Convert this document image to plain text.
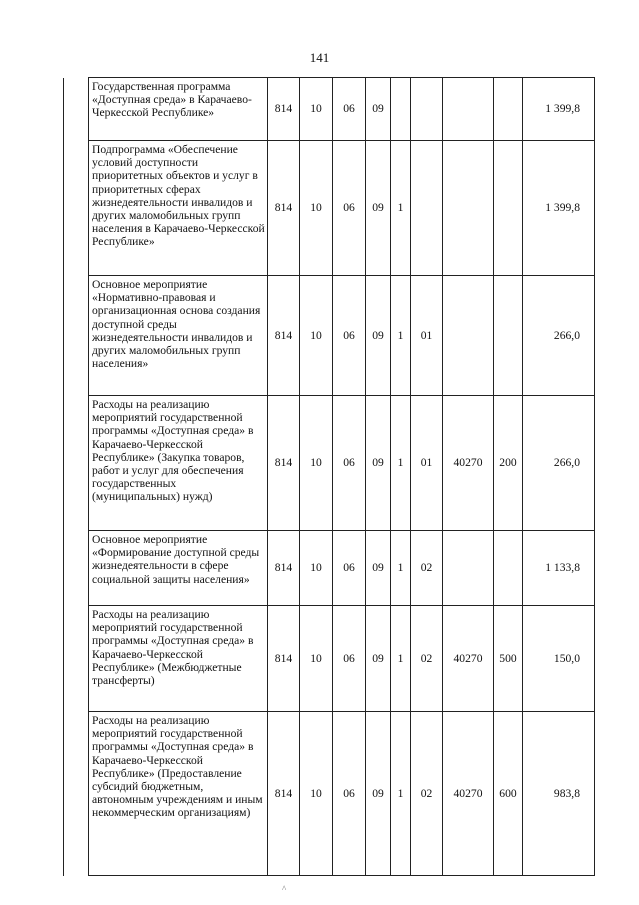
141
	Государственная программа «Доступная среда» в Карачаево-Черкесской Республике»	814	10	06	09					1 399,8
	Подпрограмма «Обеспечение условий доступности приоритетных объектов и услуг в приоритетных сферах жизнедеятельности инвалидов и других маломобильных групп населения в Карачаево-Черкесской Республике»	814	10	06	09	1				1 399,8
	Основное мероприятие «Нормативно-правовая и организационная основа создания доступной среды жизнедеятельности инвалидов и других маломобильных групп населения»	814	10	06	09	1	01			266,0
	Расходы на реализацию мероприятий государственной программы «Доступная среда» в Карачаево-Черкесской Республике» (Закупка товаров, работ и услуг для обеспечения государственных (муниципальных) нужд)	814	10	06	09	1	01	40270	200	266,0
	Основное мероприятие «Формирование доступной среды жизнедеятельности в сфере социальной защиты населения»	814	10	06	09	1	02			1 133,8
	Расходы на реализацию мероприятий государственной программы «Доступная среда» в Карачаево-Черкесской Республике» (Межбюджетные трансферты)	814	10	06	09	1	02	40270	500	150,0
	Расходы на реализацию мероприятий государственной программы «Доступная среда» в Карачаево-Черкесской Республике» (Предоставление субсидий бюджетным, автономным учреждениям и иным некоммерческим организациям)	814	10	06	09	1	02	40270	600	983,8
^
